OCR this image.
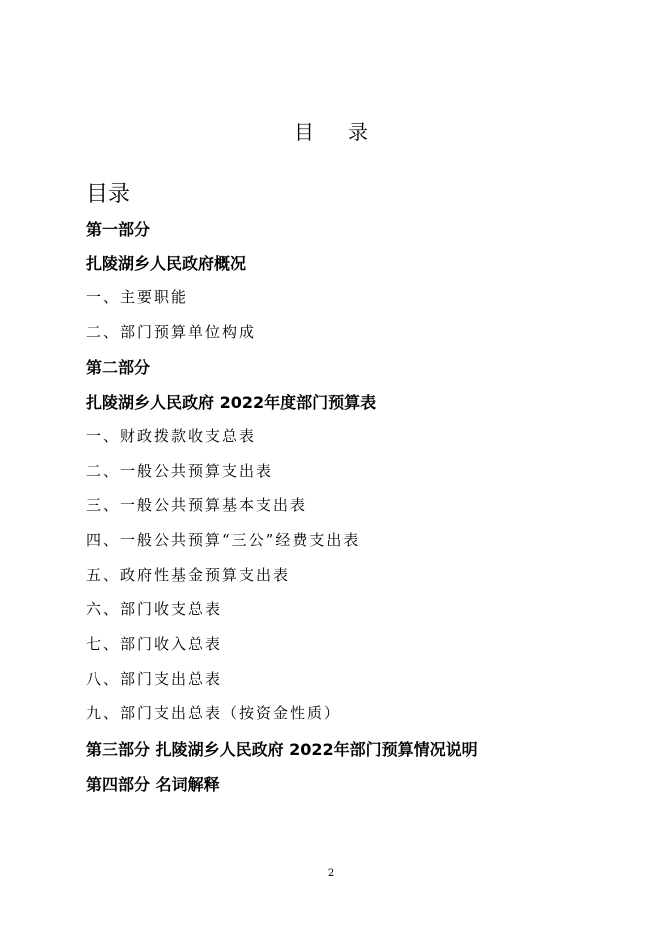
目 录
目录
第一部分
扎陵湖乡人民政府概况
一、主要职能
二、部门预算单位构成
第二部分
扎陵湖乡人民政府 2022年度部门预算表
一、财政拨款收支总表
二、一般公共预算支出表
三、一般公共预算基本支出表
四、一般公共预算“三公”经费支出表
五、政府性基金预算支出表
六、部门收支总表
七、部门收入总表
八、部门支出总表
九、部门支出总表（按资金性质）
第三部分 扎陵湖乡人民政府 2022年部门预算情况说明
第四部分 名词解释
2
